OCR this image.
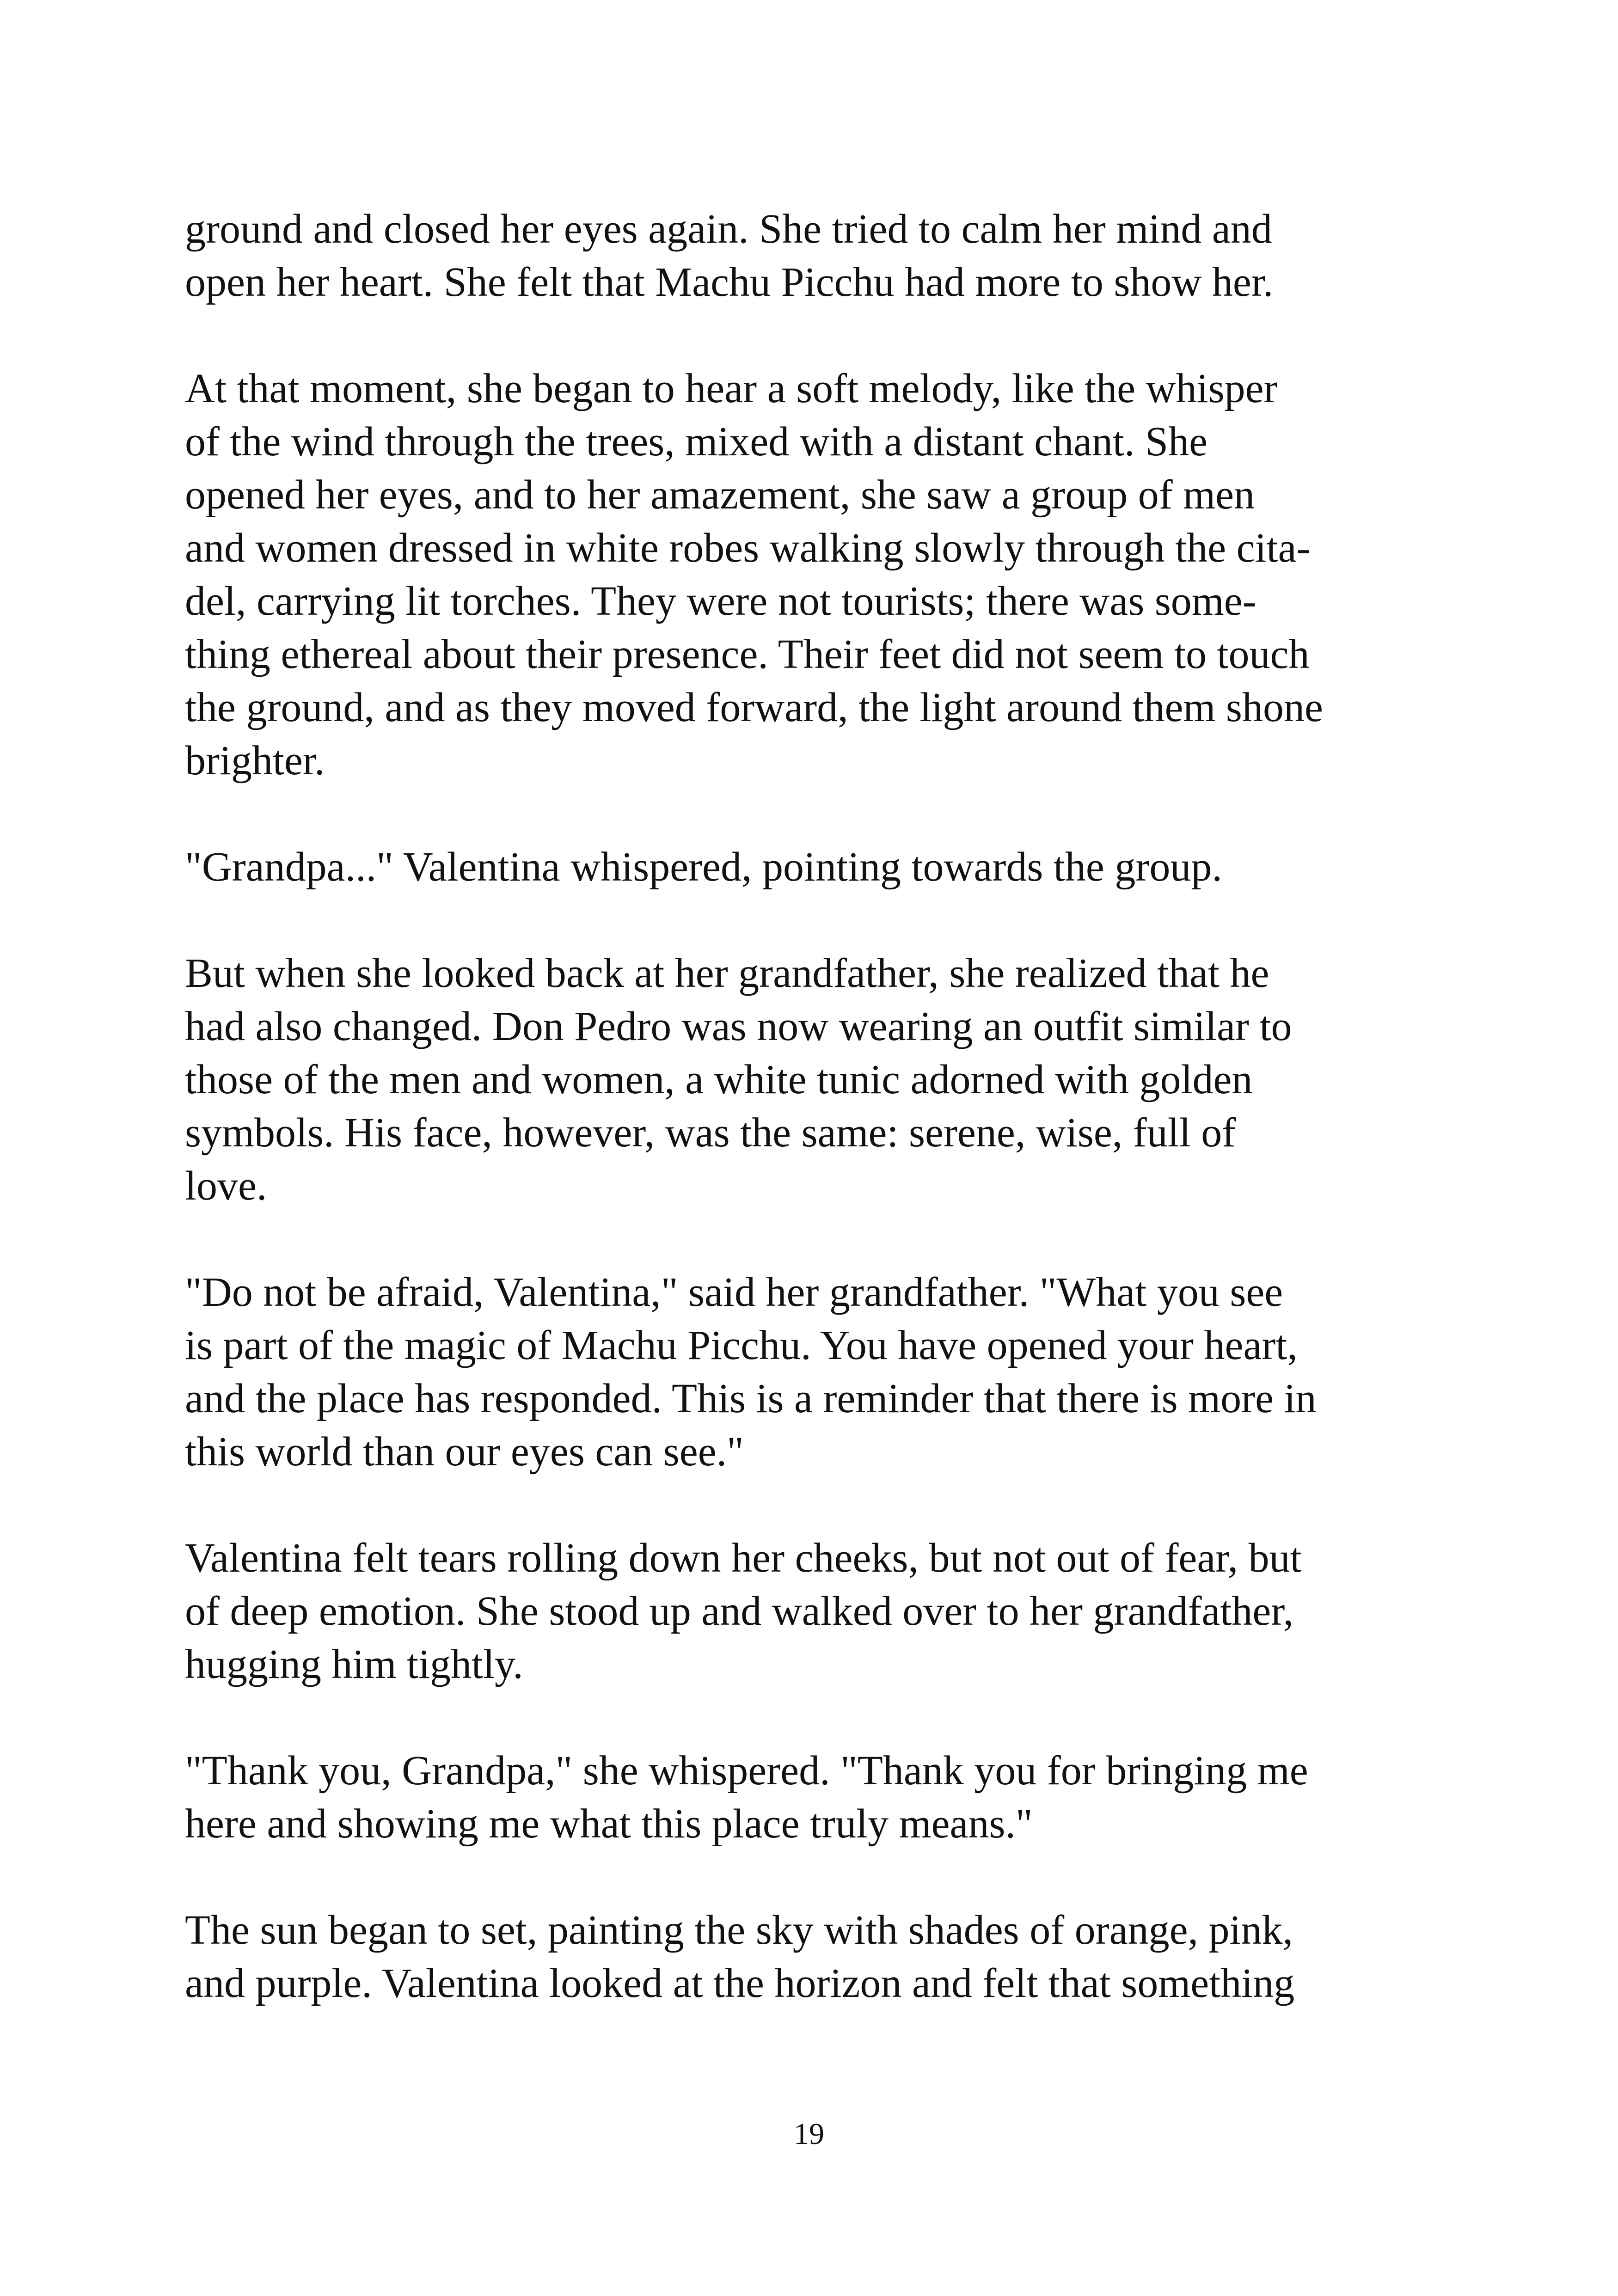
ground and closed her eyes again. She tried to calm her mind and
open her heart. She felt that Machu Picchu had more to show her.
At that moment, she began to hear a soft melody, like the whisper
of the wind through the trees, mixed with a distant chant. She
opened her eyes, and to her amazement, she saw a group of men
and women dressed in white robes walking slowly through the cita-
del, carrying lit torches. They were not tourists; there was some-
thing ethereal about their presence. Their feet did not seem to touch
the ground, and as they moved forward, the light around them shone
brighter.
"Grandpa..." Valentina whispered, pointing towards the group.
But when she looked back at her grandfather, she realized that he
had also changed. Don Pedro was now wearing an outfit similar to
those of the men and women, a white tunic adorned with golden
symbols. His face, however, was the same: serene, wise, full of
love.
"Do not be afraid, Valentina," said her grandfather. "What you see
is part of the magic of Machu Picchu. You have opened your heart,
and the place has responded. This is a reminder that there is more in
this world than our eyes can see."
Valentina felt tears rolling down her cheeks, but not out of fear, but
of deep emotion. She stood up and walked over to her grandfather,
hugging him tightly.
"Thank you, Grandpa," she whispered. "Thank you for bringing me
here and showing me what this place truly means."
The sun began to set, painting the sky with shades of orange, pink,
and purple. Valentina looked at the horizon and felt that something
19
